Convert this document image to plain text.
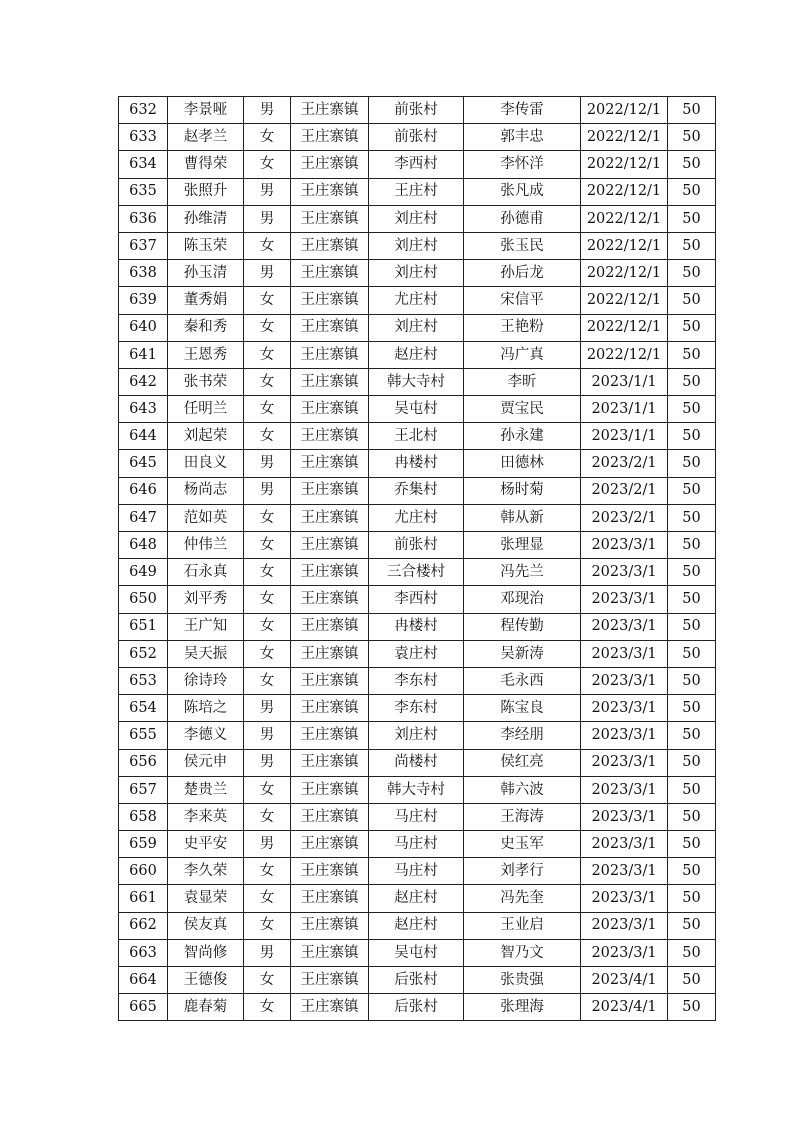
632	李景哑	男	王庄寨镇	前张村	李传雷	2022/12/1	50
633	赵孝兰	女	王庄寨镇	前张村	郭丰忠	2022/12/1	50
634	曹得荣	女	王庄寨镇	李西村	李怀洋	2022/12/1	50
635	张照升	男	王庄寨镇	王庄村	张凡成	2022/12/1	50
636	孙维清	男	王庄寨镇	刘庄村	孙德甫	2022/12/1	50
637	陈玉荣	女	王庄寨镇	刘庄村	张玉民	2022/12/1	50
638	孙玉清	男	王庄寨镇	刘庄村	孙后龙	2022/12/1	50
639	董秀娟	女	王庄寨镇	尤庄村	宋信平	2022/12/1	50
640	秦和秀	女	王庄寨镇	刘庄村	王艳粉	2022/12/1	50
641	王恩秀	女	王庄寨镇	赵庄村	冯广真	2022/12/1	50
642	张书荣	女	王庄寨镇	韩大寺村	李昕	2023/1/1	50
643	任明兰	女	王庄寨镇	吴屯村	贾宝民	2023/1/1	50
644	刘起荣	女	王庄寨镇	王北村	孙永建	2023/1/1	50
645	田良义	男	王庄寨镇	冉楼村	田德林	2023/2/1	50
646	杨尚志	男	王庄寨镇	乔集村	杨时菊	2023/2/1	50
647	范如英	女	王庄寨镇	尤庄村	韩从新	2023/2/1	50
648	仲伟兰	女	王庄寨镇	前张村	张理显	2023/3/1	50
649	石永真	女	王庄寨镇	三合楼村	冯先兰	2023/3/1	50
650	刘平秀	女	王庄寨镇	李西村	邓现治	2023/3/1	50
651	王广知	女	王庄寨镇	冉楼村	程传勤	2023/3/1	50
652	吴天振	女	王庄寨镇	袁庄村	吴新涛	2023/3/1	50
653	徐诗玲	女	王庄寨镇	李东村	毛永西	2023/3/1	50
654	陈培之	男	王庄寨镇	李东村	陈宝良	2023/3/1	50
655	李德义	男	王庄寨镇	刘庄村	李经朋	2023/3/1	50
656	侯元申	男	王庄寨镇	尚楼村	侯红亮	2023/3/1	50
657	楚贵兰	女	王庄寨镇	韩大寺村	韩六波	2023/3/1	50
658	李来英	女	王庄寨镇	马庄村	王海涛	2023/3/1	50
659	史平安	男	王庄寨镇	马庄村	史玉军	2023/3/1	50
660	李久荣	女	王庄寨镇	马庄村	刘孝行	2023/3/1	50
661	袁显荣	女	王庄寨镇	赵庄村	冯先奎	2023/3/1	50
662	侯友真	女	王庄寨镇	赵庄村	王业启	2023/3/1	50
663	智尚修	男	王庄寨镇	吴屯村	智乃文	2023/3/1	50
664	王德俊	女	王庄寨镇	后张村	张贵强	2023/4/1	50
665	鹿春菊	女	王庄寨镇	后张村	张理海	2023/4/1	50
